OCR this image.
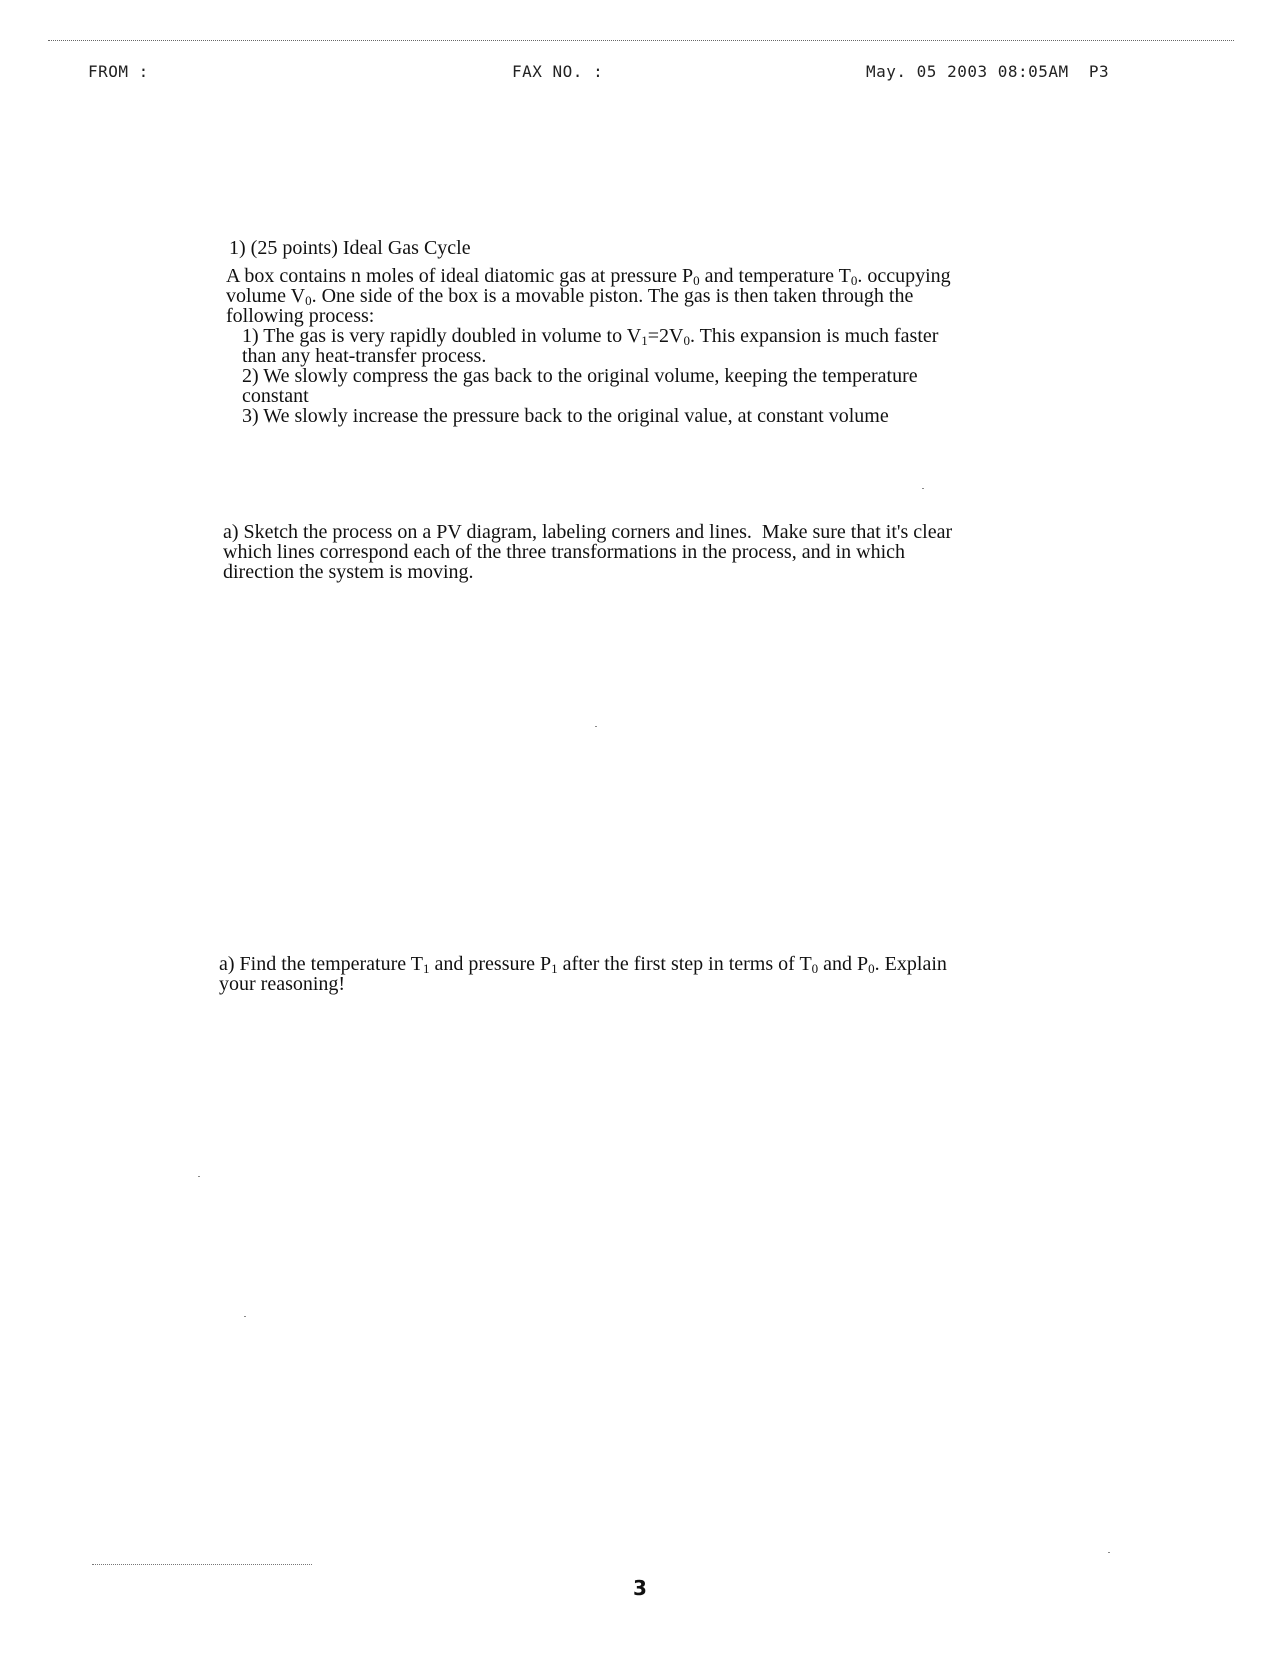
FROM :	FAX NO. :	May. 05 2003 08:05AM  P3
1) (25 points) Ideal Gas Cycle

A box contains n moles of ideal diatomic gas at pressure $P_0$ and temperature $T_0$. occupying

volume $V_0$. One side of the box is a movable piston. The gas is then taken through the

following process:

1) The gas is very rapidly doubled in volume to $V_1=2V_0$. This expansion is much faster

than any heat-transfer process.

2) We slowly compress the gas back to the original volume, keeping the temperature

constant

3) We slowly increase the pressure back to the original value, at constant volume

a) Sketch the process on a PV diagram, labeling corners and lines.  Make sure that it's clear

which lines correspond each of the three transformations in the process, and in which

direction the system is moving.

a) Find the temperature $T_1$ and pressure $P_1$ after the first step in terms of $T_0$ and $P_0$. Explain

your reasoning!

3
